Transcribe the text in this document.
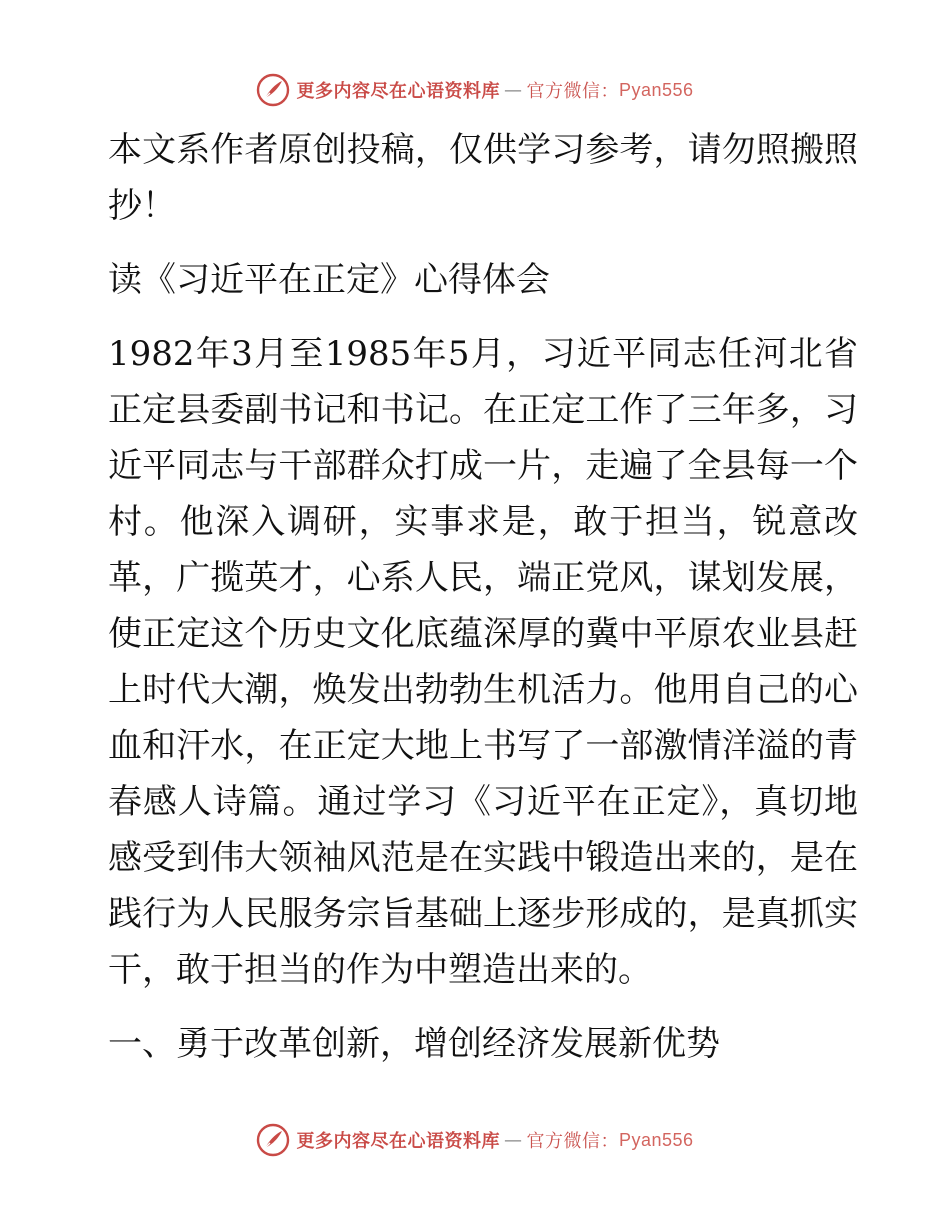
更多内容尽在心语资料库 — 官方微信： Pyan556

本文系作者原创投稿，仅供学习参考，请勿照搬照抄！

读《习近平在正定》心得体会

1982年3月至1985年5月，习近平同志任河北省正定县委副书记和书记。在正定工作了三年多，习近平同志与干部群众打成一片，走遍了全县每一个村。他深入调研，实事求是，敢于担当，锐意改革，广揽英才，心系人民，端正党风，谋划发展，使正定这个历史文化底蕴深厚的冀中平原农业县赶上时代大潮，焕发出勃勃生机活力。他用自己的心血和汗水，在正定大地上书写了一部激情洋溢的青春感人诗篇。通过学习《习近平在正定》，真切地感受到伟大领袖风范是在实践中锻造出来的，是在践行为人民服务宗旨基础上逐步形成的，是真抓实干，敢于担当的作为中塑造出来的。

一、勇于改革创新，增创经济发展新优势

更多内容尽在心语资料库 — 官方微信： Pyan556
